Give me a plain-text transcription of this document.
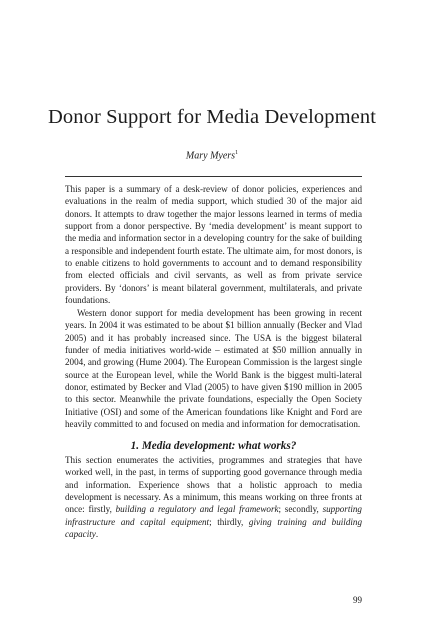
Donor Support for Media Development
Mary Myers$^1$

This paper is a summary of a desk-review of donor policies, experiences and evaluations in the realm of media support, which studied 30 of the major aid donors. It attempts to draw together the major lessons learned in terms of media support from a donor perspective. By ‘media development’ is meant support to the media and information sector in a developing country for the sake of building a responsible and independent fourth estate. The ultimate aim, for most donors, is to enable citizens to hold governments to account and to demand responsibility from elected officials and civil servants, as well as from private service providers. By ‘donors’ is meant bilateral government, multilaterals, and private foundations.

Western donor support for media development has been growing in recent years. In 2004 it was estimated to be about $1 billion annually (Becker and Vlad 2005) and it has probably increased since. The USA is the biggest bilateral funder of media initiatives world-wide – estimated at $50 million annually in 2004, and growing (Hume 2004). The European Commission is the largest single source at the European level, while the World Bank is the biggest multi-lateral donor, estimated by Becker and Vlad (2005) to have given $190 million in 2005 to this sector. Meanwhile the private foundations, especially the Open Society Initiative (OSI) and some of the American foundations like Knight and Ford are heavily committed to and focused on media and information for democratisation.

1. Media development: what works?

This section enumerates the activities, programmes and strategies that have worked well, in the past, in terms of supporting good governance through media and information. Experience shows that a holistic approach to media development is necessary. As a minimum, this means working on three fronts at once: firstly, building a regulatory and legal framework; secondly, supporting infrastructure and capital equipment; thirdly, giving training and building capacity.

99
